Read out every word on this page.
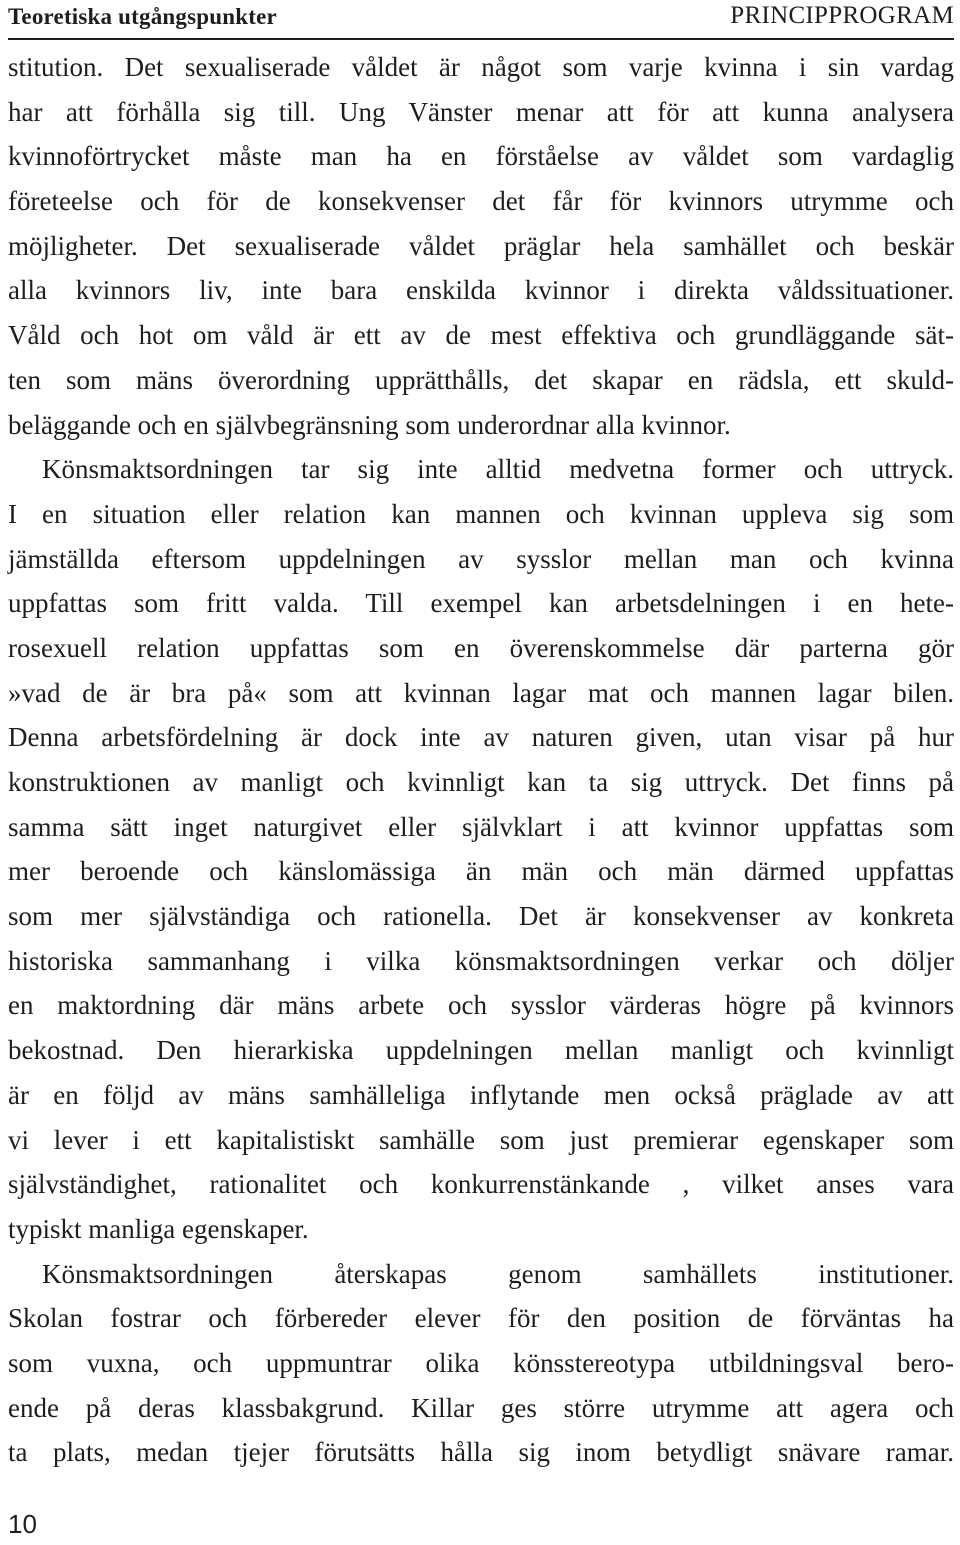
Teoretiska utgångspunkter	PRINCIPPROGRAM
stitution. Det sexualiserade våldet är något som varje kvinna i sin vardag
har att förhålla sig till. Ung Vänster menar att för att kunna analysera
kvinnoförtrycket måste man ha en förståelse av våldet som vardaglig
företeelse och för de konsekvenser det får för kvinnors utrymme och
möjligheter. Det sexualiserade våldet präglar hela samhället och beskär
alla kvinnors liv, inte bara enskilda kvinnor i direkta våldssituationer.
Våld och hot om våld är ett av de mest effektiva och grundläggande sät-
ten som mäns överordning upprätthålls, det skapar en rädsla, ett skuld-
beläggande och en självbegränsning som underordnar alla kvinnor.
Könsmaktsordningen tar sig inte alltid medvetna former och uttryck.
I en situation eller relation kan mannen och kvinnan uppleva sig som
jämställda eftersom uppdelningen av sysslor mellan man och kvinna
uppfattas som fritt valda. Till exempel kan arbetsdelningen i en hete-
rosexuell relation uppfattas som en överenskommelse där parterna gör
»vad de är bra på« som att kvinnan lagar mat och mannen lagar bilen.
Denna arbetsfördelning är dock inte av naturen given, utan visar på hur
konstruktionen av manligt och kvinnligt kan ta sig uttryck. Det finns på
samma sätt inget naturgivet eller självklart i att kvinnor uppfattas som
mer beroende och känslomässiga än män och män därmed uppfattas
som mer självständiga och rationella. Det är konsekvenser av konkreta
historiska sammanhang i vilka könsmaktsordningen verkar och döljer
en maktordning där mäns arbete och sysslor värderas högre på kvinnors
bekostnad. Den hierarkiska uppdelningen mellan manligt och kvinnligt
är en följd av mäns samhälleliga inflytande men också präglade av att
vi lever i ett kapitalistiskt samhälle som just premierar egenskaper som
självständighet, rationalitet och konkurrenstänkande , vilket anses vara
typiskt manliga egenskaper.
Könsmaktsordningen återskapas genom samhällets institutioner.
Skolan fostrar och förbereder elever för den position de förväntas ha
som vuxna, och uppmuntrar olika könsstereotypa utbildningsval bero-
ende på deras klassbakgrund. Killar ges större utrymme att agera och
ta plats, medan tjejer förutsätts hålla sig inom betydligt snävare ramar.
10
